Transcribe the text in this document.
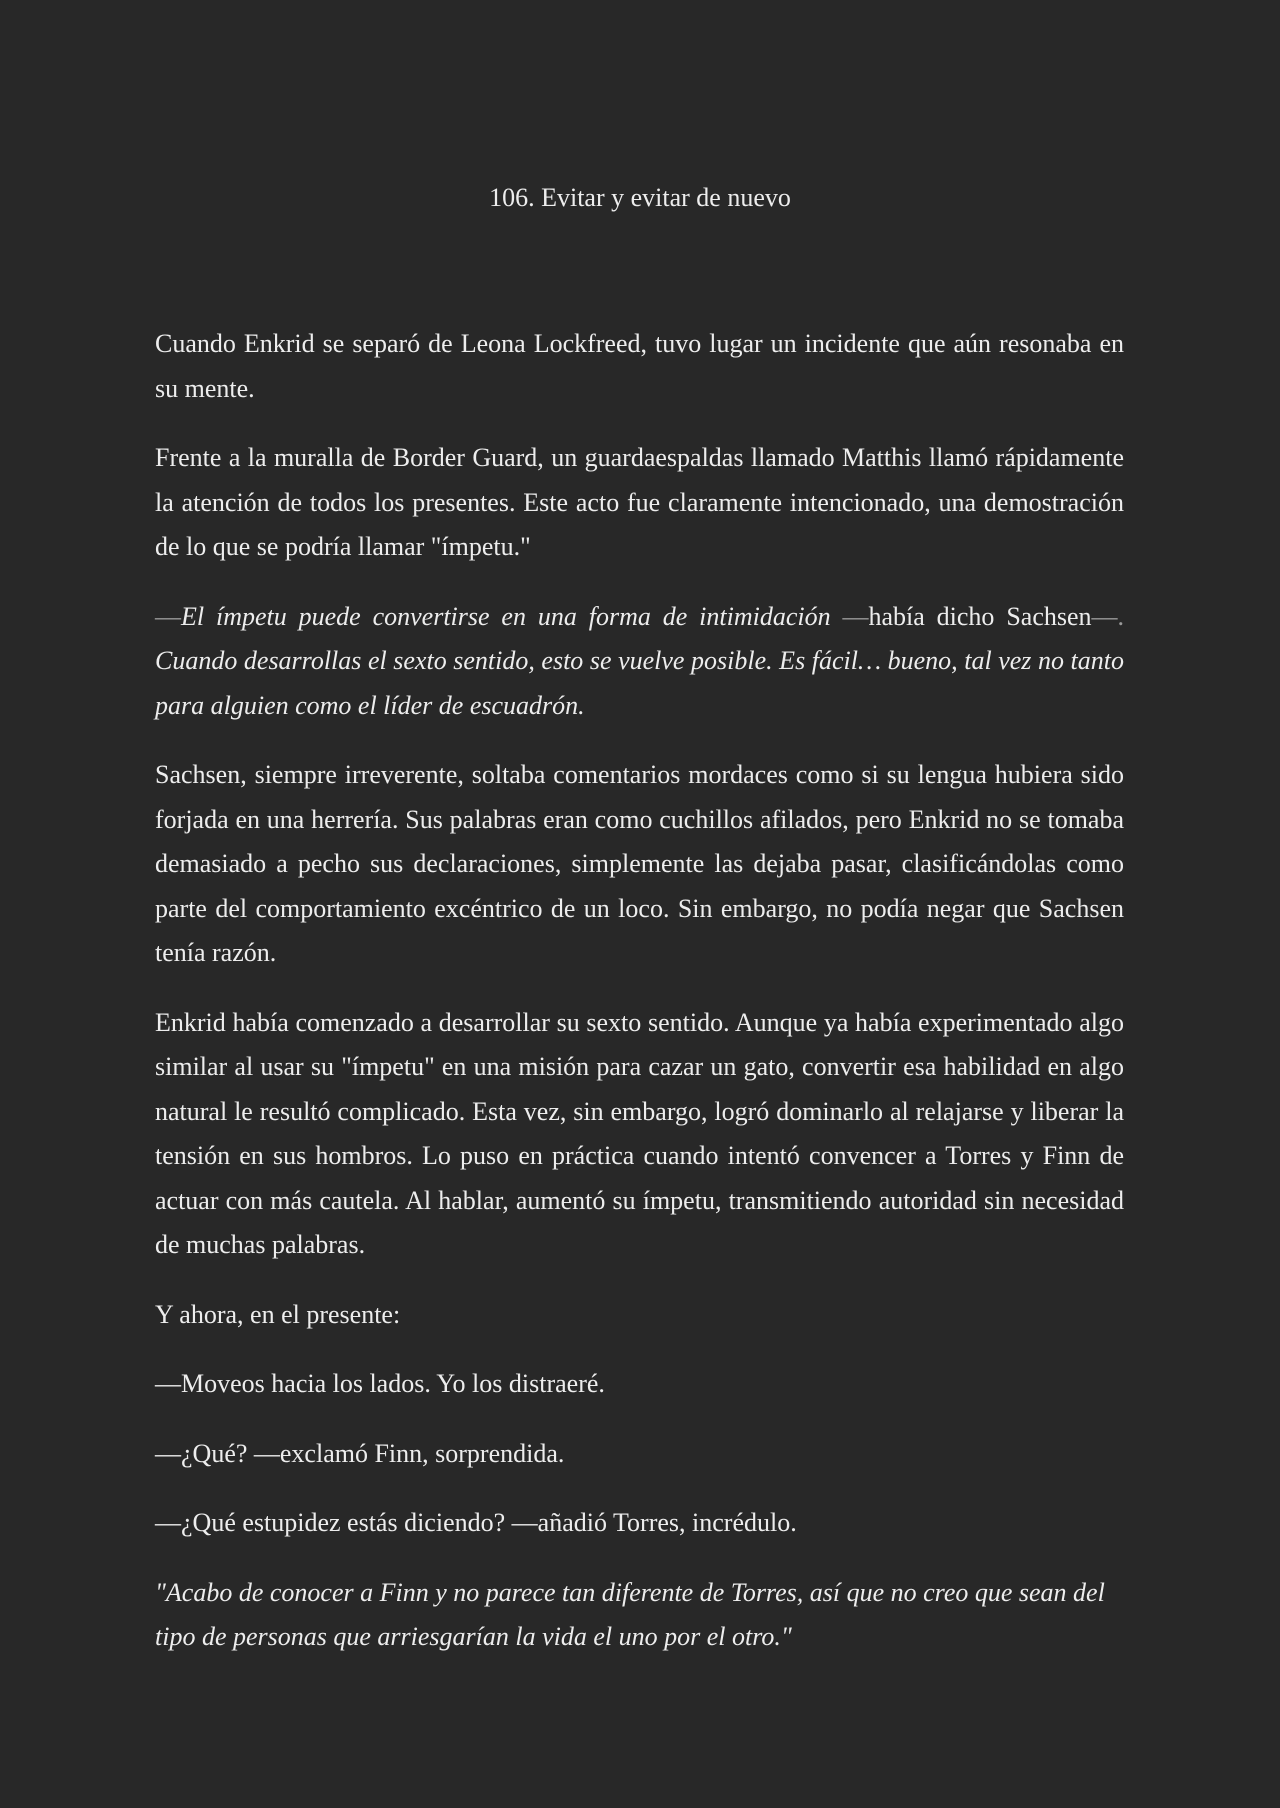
106. Evitar y evitar de nuevo

Cuando Enkrid se separó de Leona Lockfreed, tuvo lugar un incidente que aún resonaba en su mente.

Frente a la muralla de Border Guard, un guardaespaldas llamado Matthis llamó rápidamente la atención de todos los presentes. Este acto fue claramente intencionado, una demostración de lo que se podría llamar "ímpetu."

—El ímpetu puede convertirse en una forma de intimidación —había dicho Sachsen—. Cuando desarrollas el sexto sentido, esto se vuelve posible. Es fácil… bueno, tal vez no tanto para alguien como el líder de escuadrón.

Sachsen, siempre irreverente, soltaba comentarios mordaces como si su lengua hubiera sido forjada en una herrería. Sus palabras eran como cuchillos afilados, pero Enkrid no se tomaba demasiado a pecho sus declaraciones, simplemente las dejaba pasar, clasificándolas como parte del comportamiento excéntrico de un loco. Sin embargo, no podía negar que Sachsen tenía razón.

Enkrid había comenzado a desarrollar su sexto sentido. Aunque ya había experimentado algo similar al usar su "ímpetu" en una misión para cazar un gato, convertir esa habilidad en algo natural le resultó complicado. Esta vez, sin embargo, logró dominarlo al relajarse y liberar la tensión en sus hombros. Lo puso en práctica cuando intentó convencer a Torres y Finn de actuar con más cautela. Al hablar, aumentó su ímpetu, transmitiendo autoridad sin necesidad de muchas palabras.

Y ahora, en el presente:

—Moveos hacia los lados. Yo los distraeré.

—¿Qué? —exclamó Finn, sorprendida.

—¿Qué estupidez estás diciendo? —añadió Torres, incrédulo.

"Acabo de conocer a Finn y no parece tan diferente de Torres, así que no creo que sean del tipo de personas que arriesgarían la vida el uno por el otro."
